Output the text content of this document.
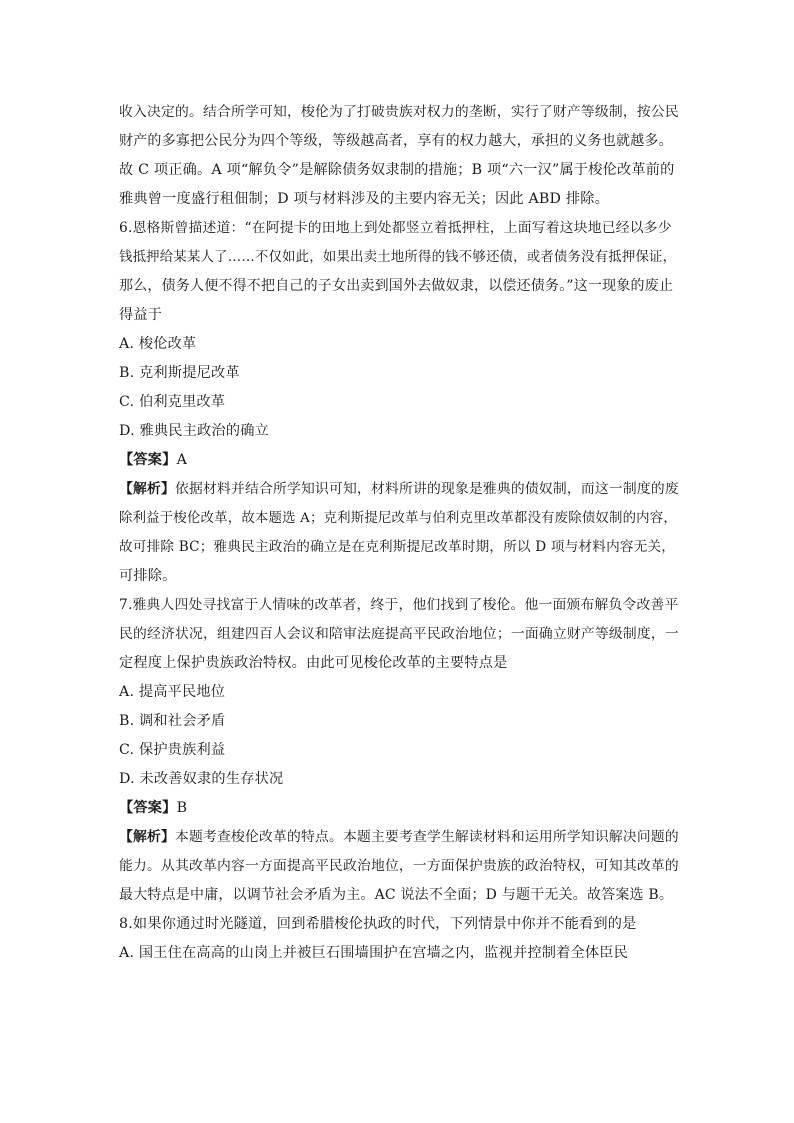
收入决定的。结合所学可知，梭伦为了打破贵族对权力的垄断，实行了财产等级制，按公民
财产的多寡把公民分为四个等级，等级越高者，享有的权力越大，承担的义务也就越多。
故 C 项正确。A 项“解负令”是解除债务奴隶制的措施；B 项“六一汉”属于梭伦改革前的
雅典曾一度盛行租佃制；D 项与材料涉及的主要内容无关；因此 ABD 排除。
6.恩格斯曾描述道：“在阿提卡的田地上到处都竖立着抵押柱，上面写着这块地已经以多少
钱抵押给某某人了……不仅如此，如果出卖土地所得的钱不够还债，或者债务没有抵押保证，
那么，债务人便不得不把自己的子女出卖到国外去做奴隶，以偿还债务。”这一现象的废止
得益于
A. 梭伦改革
B. 克利斯提尼改革
C. 伯利克里改革
D. 雅典民主政治的确立
【答案】A
【解析】依据材料并结合所学知识可知，材料所讲的现象是雅典的债奴制，而这一制度的废
除利益于梭伦改革，故本题选 A；克利斯提尼改革与伯利克里改革都没有废除债奴制的内容，
故可排除 BC；雅典民主政治的确立是在克利斯提尼改革时期，所以 D 项与材料内容无关，
可排除。
7.雅典人四处寻找富于人情味的改革者，终于，他们找到了梭伦。他一面颁布解负令改善平
民的经济状况，组建四百人会议和陪审法庭提高平民政治地位；一面确立财产等级制度，一
定程度上保护贵族政治特权。由此可见梭伦改革的主要特点是
A. 提高平民地位
B. 调和社会矛盾
C. 保护贵族利益
D. 未改善奴隶的生存状况
【答案】B
【解析】本题考查梭伦改革的特点。本题主要考查学生解读材料和运用所学知识解决问题的
能力。从其改革内容一方面提高平民政治地位，一方面保护贵族的政治特权，可知其改革的
最大特点是中庸，以调节社会矛盾为主。AC 说法不全面；D 与题干无关。故答案选 B。
8.如果你通过时光隧道，回到希腊梭伦执政的时代，下列情景中你并不能看到的是
A. 国王住在高高的山岗上并被巨石围墙围护在宫墙之内，监视并控制着全体臣民
